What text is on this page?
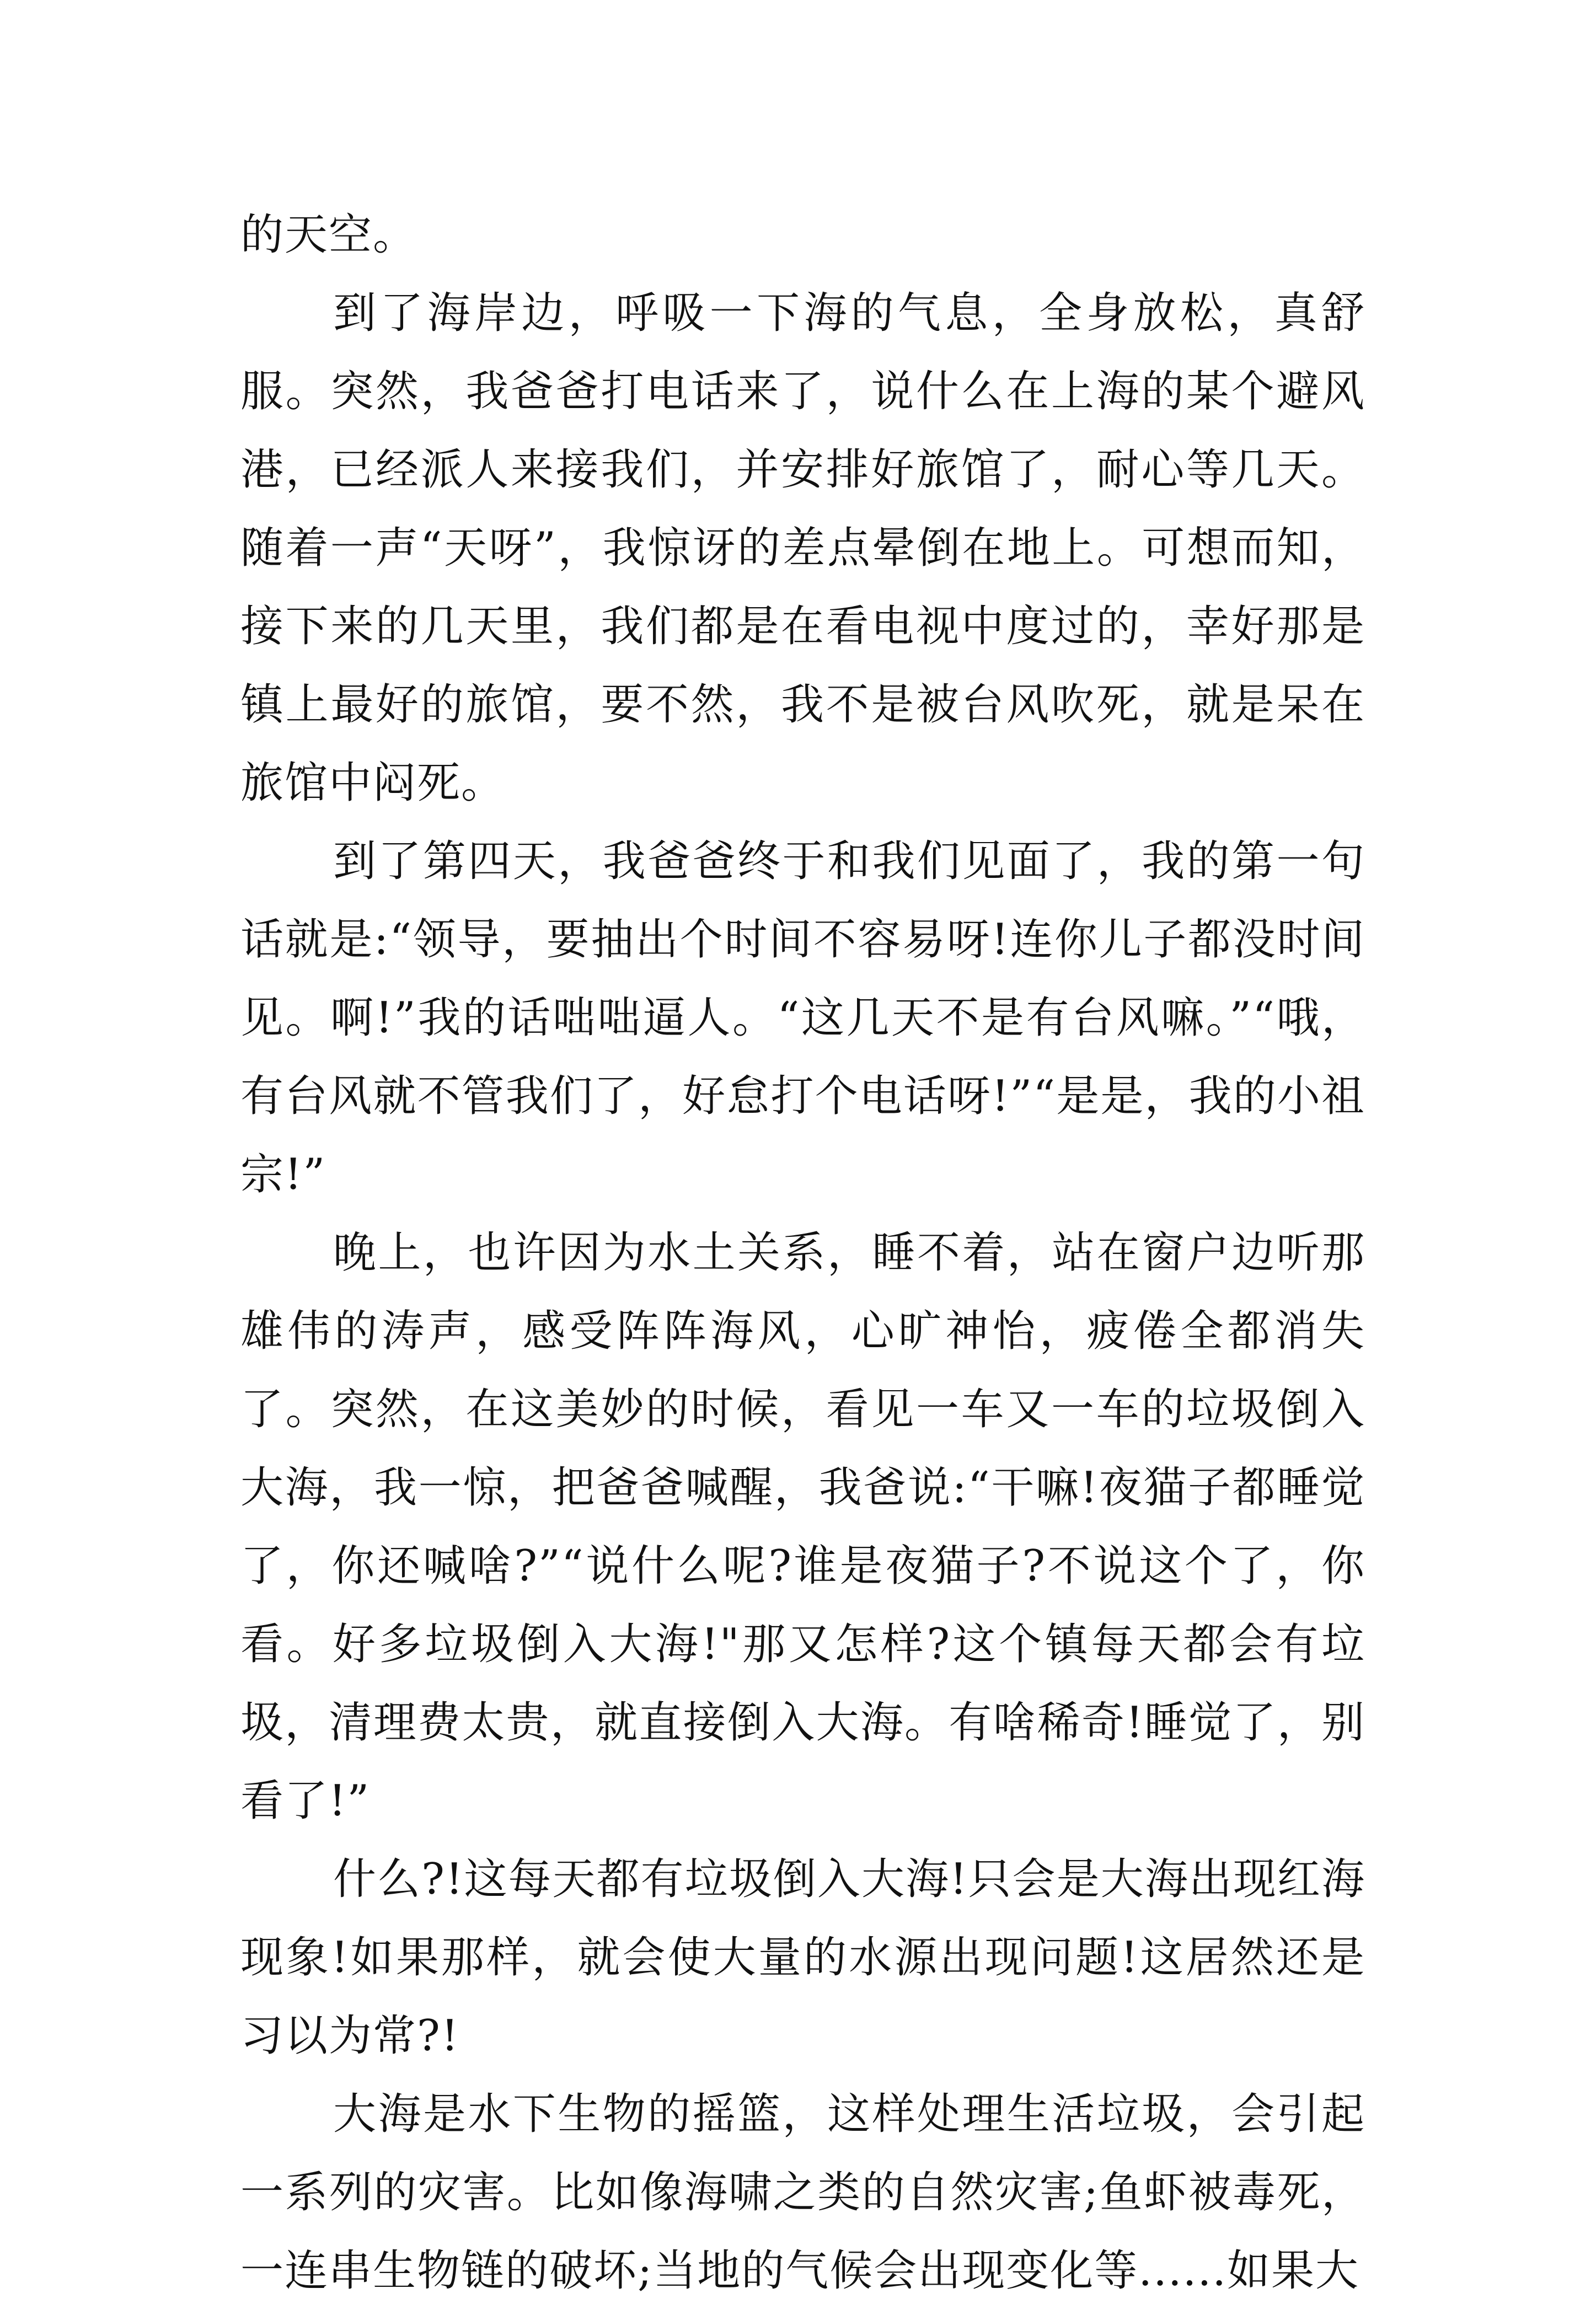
的天空。

到了海岸边，呼吸一下海的气息，全身放松，真舒服。突然，我爸爸打电话来了，说什么在上海的某个避风港，已经派人来接我们，并安排好旅馆了，耐心等几天。随着一声“天呀”，我惊讶的差点晕倒在地上。可想而知，接下来的几天里，我们都是在看电视中度过的，幸好那是镇上最好的旅馆，要不然，我不是被台风吹死，就是呆在旅馆中闷死。

到了第四天，我爸爸终于和我们见面了，我的第一句话就是:“领导，要抽出个时间不容易呀!连你儿子都没时间见。啊!”我的话咄咄逼人。“这几天不是有台风嘛。”“哦，有台风就不管我们了，好怠打个电话呀!”“是是，我的小祖宗!”

晚上，也许因为水土关系，睡不着，站在窗户边听那雄伟的涛声，感受阵阵海风，心旷神怡，疲倦全都消失了。突然，在这美妙的时候，看见一车又一车的垃圾倒入大海，我一惊，把爸爸喊醒，我爸说:“干嘛!夜猫子都睡觉了，你还喊啥?”“说什么呢?谁是夜猫子?不说这个了，你看。好多垃圾倒入大海!"那又怎样?这个镇每天都会有垃圾，清理费太贵，就直接倒入大海。有啥稀奇!睡觉了，别看了!”

什么?!这每天都有垃圾倒入大海!只会是大海出现红海现象!如果那样，就会使大量的水源出现问题!这居然还是习以为常?!

大海是水下生物的摇篮，这样处理生活垃圾，会引起一系列的灾害。比如像海啸之类的自然灾害;鱼虾被毒死，一连串生物链的破坏;当地的气候会出现变化等......如果大
